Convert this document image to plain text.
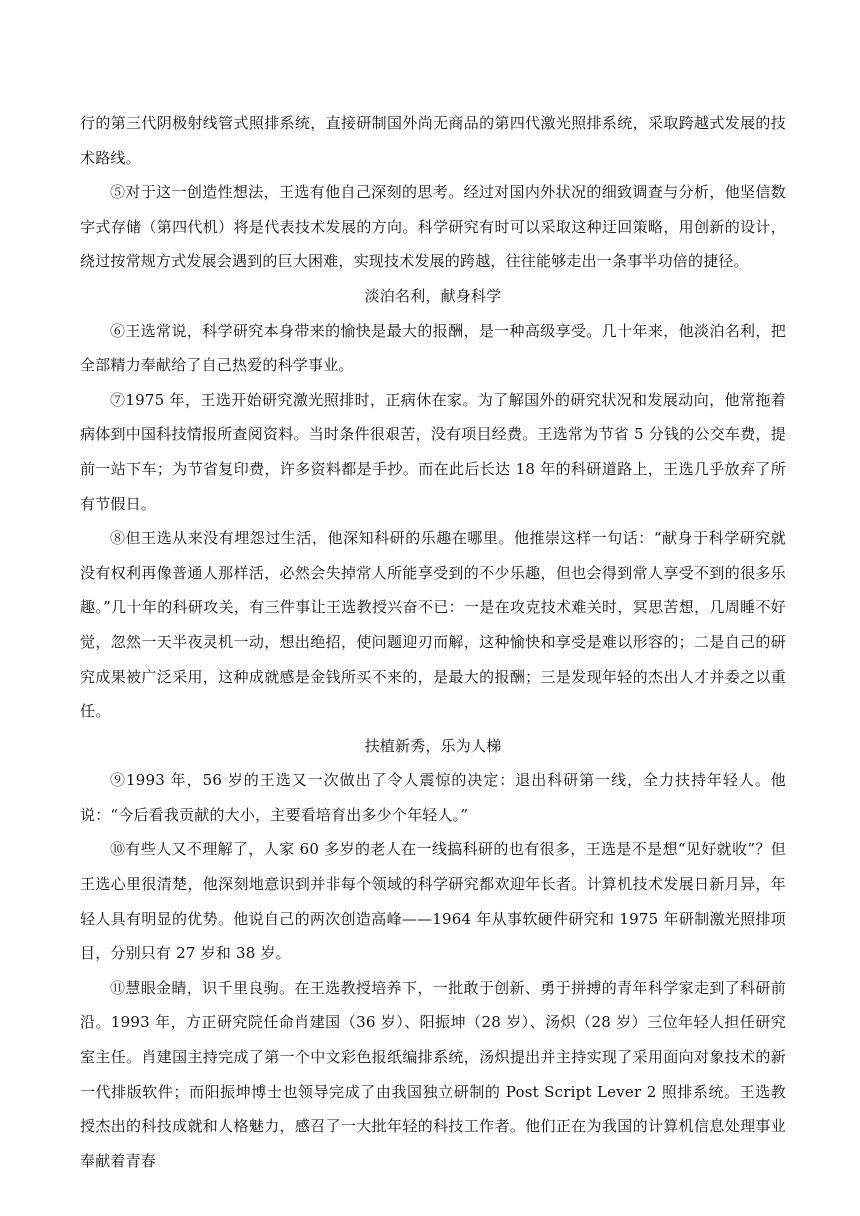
行的第三代阴极射线管式照排系统，直接研制国外尚无商品的第四代激光照排系统，采取跨越式发展的技术路线。

⑤对于这一创造性想法，王选有他自己深刻的思考。经过对国内外状况的细致调查与分析，他坚信数字式存储（第四代机）将是代表技术发展的方向。科学研究有时可以采取这种迂回策略，用创新的设计，绕过按常规方式发展会遇到的巨大困难，实现技术发展的跨越，往往能够走出一条事半功倍的捷径。

淡泊名利，献身科学

⑥王选常说，科学研究本身带来的愉快是最大的报酬，是一种高级享受。几十年来，他淡泊名利，把全部精力奉献给了自己热爱的科学事业。

⑦1975 年，王选开始研究激光照排时，正病休在家。为了解国外的研究状况和发展动向，他常拖着病体到中国科技情报所查阅资料。当时条件很艰苦，没有项目经费。王选常为节省 5 分钱的公交车费，提前一站下车；为节省复印费，许多资料都是手抄。而在此后长达 18 年的科研道路上，王选几乎放弃了所有节假日。

⑧但王选从来没有埋怨过生活，他深知科研的乐趣在哪里。他推崇这样一句话：“献身于科学研究就没有权利再像普通人那样活，必然会失掉常人所能享受到的不少乐趣，但也会得到常人享受不到的很多乐趣。”几十年的科研攻关，有三件事让王选教授兴奋不已：一是在攻克技术难关时，冥思苦想，几周睡不好觉，忽然一天半夜灵机一动，想出绝招，使问题迎刃而解，这种愉快和享受是难以形容的；二是自己的研究成果被广泛采用，这种成就感是金钱所买不来的，是最大的报酬；三是发现年轻的杰出人才并委之以重任。

扶植新秀，乐为人梯

⑨1993 年，56 岁的王选又一次做出了令人震惊的决定：退出科研第一线，全力扶持年轻人。他说：“今后看我贡献的大小，主要看培育出多少个年轻人。”

⑩有些人又不理解了，人家 60 多岁的老人在一线搞科研的也有很多，王选是不是想“见好就收”？但王选心里很清楚，他深刻地意识到并非每个领域的科学研究都欢迎年长者。计算机技术发展日新月异，年轻人具有明显的优势。他说自己的两次创造高峰——1964 年从事软硬件研究和 1975 年研制激光照排项目，分别只有 27 岁和 38 岁。

⑪慧眼金睛，识千里良驹。在王选教授培养下，一批敢于创新、勇于拼搏的青年科学家走到了科研前沿。1993 年，方正研究院任命肖建国（36 岁）、阳振坤（28 岁）、汤炽（28 岁）三位年轻人担任研究室主任。肖建国主持完成了第一个中文彩色报纸编排系统，汤炽提出并主持实现了采用面向对象技术的新一代排版软件；而阳振坤博士也领导完成了由我国独立研制的 Post Script Lever 2 照排系统。王选教授杰出的科技成就和人格魅力，感召了一大批年轻的科技工作者。他们正在为我国的计算机信息处理事业奉献着青春
